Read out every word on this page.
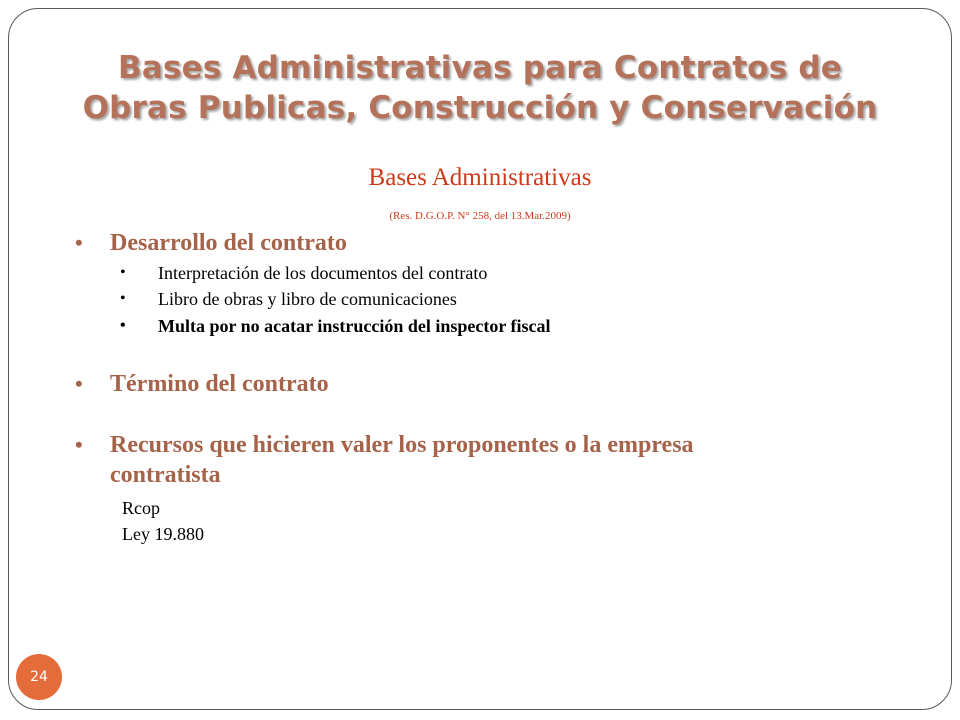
Bases Administrativas para Contratos de
Obras Publicas, Construcción y Conservación
Bases Administrativas
(Res. D.G.O.P. N° 258, del 13.Mar.2009)
• Desarrollo del contrato
• Interpretación de los documentos del contrato
• Libro de obras y libro de comunicaciones
• Multa por no acatar instrucción del inspector fiscal
• Término del contrato
• Recursos que hicieren valer los proponentes o la empresa
contratista
Rcop
Ley 19.880
24
